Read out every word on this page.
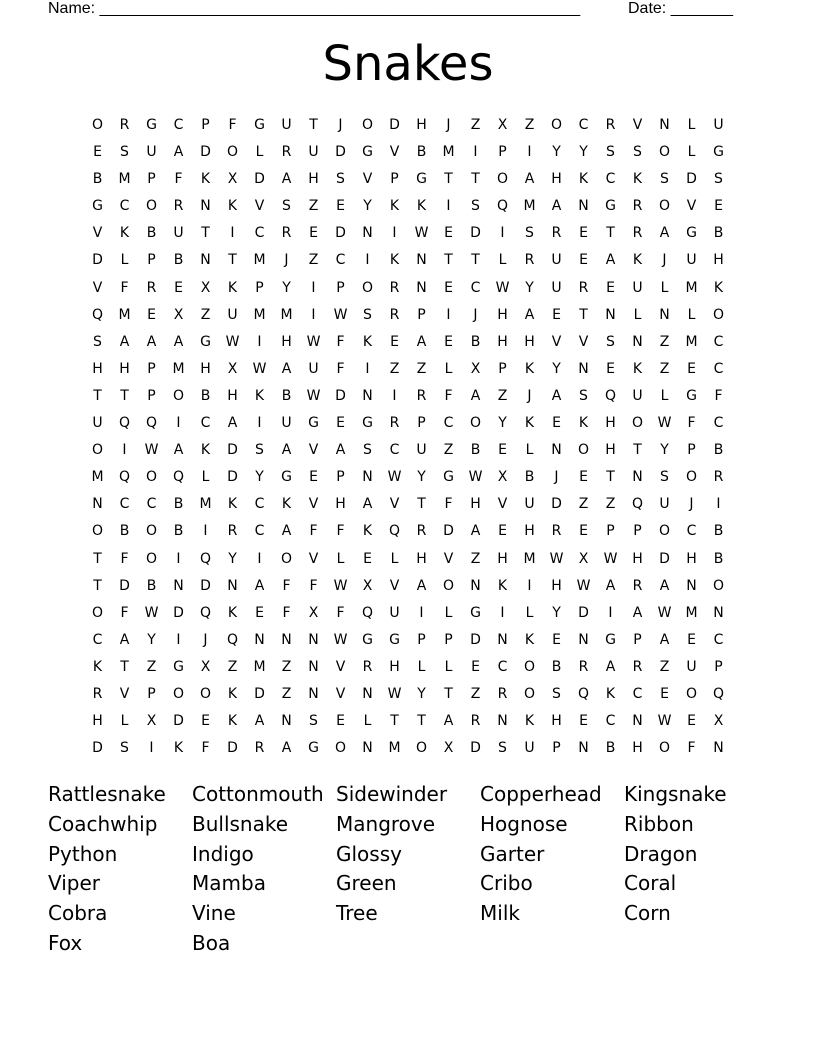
Name: ______________________________________________________	Date: _______
Snakes
O	R	G	C	P	F	G	U	T	J	O	D	H	J	Z	X	Z	O	C	R	V	N	L	U
E	S	U	A	D	O	L	R	U	D	G	V	B	M	I	P	I	Y	Y	S	S	O	L	G
B	M	P	F	K	X	D	A	H	S	V	P	G	T	T	O	A	H	K	C	K	S	D	S
G	C	O	R	N	K	V	S	Z	E	Y	K	K	I	S	Q	M	A	N	G	R	O	V	E
V	K	B	U	T	I	C	R	E	D	N	I	W	E	D	I	S	R	E	T	R	A	G	B
D	L	P	B	N	T	M	J	Z	C	I	K	N	T	T	L	R	U	E	A	K	J	U	H
V	F	R	E	X	K	P	Y	I	P	O	R	N	E	C	W	Y	U	R	E	U	L	M	K
Q	M	E	X	Z	U	M	M	I	W	S	R	P	I	J	H	A	E	T	N	L	N	L	O
S	A	A	A	G	W	I	H	W	F	K	E	A	E	B	H	H	V	V	S	N	Z	M	C
H	H	P	M	H	X	W	A	U	F	I	Z	Z	L	X	P	K	Y	N	E	K	Z	E	C
T	T	P	O	B	H	K	B	W	D	N	I	R	F	A	Z	J	A	S	Q	U	L	G	F
U	Q	Q	I	C	A	I	U	G	E	G	R	P	C	O	Y	K	E	K	H	O	W	F	C
O	I	W	A	K	D	S	A	V	A	S	C	U	Z	B	E	L	N	O	H	T	Y	P	B
M	Q	O	Q	L	D	Y	G	E	P	N	W	Y	G	W	X	B	J	E	T	N	S	O	R
N	C	C	B	M	K	C	K	V	H	A	V	T	F	H	V	U	D	Z	Z	Q	U	J	I
O	B	O	B	I	R	C	A	F	F	K	Q	R	D	A	E	H	R	E	P	P	O	C	B
T	F	O	I	Q	Y	I	O	V	L	E	L	H	V	Z	H	M	W	X	W	H	D	H	B
T	D	B	N	D	N	A	F	F	W	X	V	A	O	N	K	I	H	W	A	R	A	N	O
O	F	W	D	Q	K	E	F	X	F	Q	U	I	L	G	I	L	Y	D	I	A	W	M	N
C	A	Y	I	J	Q	N	N	N	W	G	G	P	P	D	N	K	E	N	G	P	A	E	C
K	T	Z	G	X	Z	M	Z	N	V	R	H	L	L	E	C	O	B	R	A	R	Z	U	P
R	V	P	O	O	K	D	Z	N	V	N	W	Y	T	Z	R	O	S	Q	K	C	E	O	Q
H	L	X	D	E	K	A	N	S	E	L	T	T	A	R	N	K	H	E	C	N	W	E	X
D	S	I	K	F	D	R	A	G	O	N	M	O	X	D	S	U	P	N	B	H	O	F	N
Rattlesnake	Cottonmouth Sidewinder	Copperhead	Kingsnake
Coachwhip	Bullsnake	Mangrove	Hognose	Ribbon
Python	Indigo	Glossy	Garter	Dragon
Viper	Mamba	Green	Cribo	Coral
Cobra	Vine	Tree	Milk	Corn
Fox	Boa
